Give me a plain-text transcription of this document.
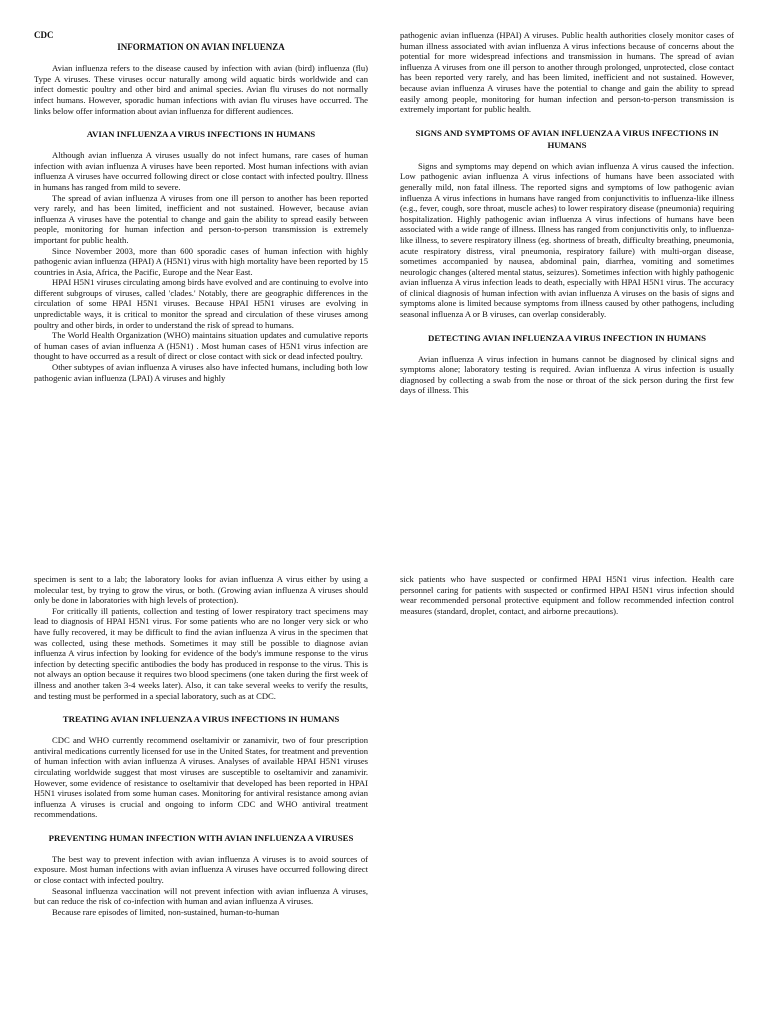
CDC
INFORMATION ON AVIAN INFLUENZA

Avian influenza refers to the disease caused by infection with avian (bird) influenza (flu) Type A viruses. These viruses occur naturally among wild aquatic birds worldwide and can infect domestic poultry and other bird and animal species. Avian flu viruses do not normally infect humans. However, sporadic human infections with avian flu viruses have occurred. The links below offer information about avian influenza for different audiences.

AVIAN INFLUENZA A VIRUS INFECTIONS IN HUMANS

Although avian influenza A viruses usually do not infect humans, rare cases of human infection with avian influenza A viruses have been reported. Most human infections with avian influenza A viruses have occurred following direct or close contact with infected poultry. Illness in humans has ranged from mild to severe.

The spread of avian influenza A viruses from one ill person to another has been reported very rarely, and has been limited, inefficient and not sustained. However, because avian influenza A viruses have the potential to change and gain the ability to spread easily between people, monitoring for human infection and person-to-person transmission is extremely important for public health.

Since November 2003, more than 600 sporadic cases of human infection with highly pathogenic avian influenza (HPAI) A (H5N1) virus with high mortality have been reported by 15 countries in Asia, Africa, the Pacific, Europe and the Near East.

HPAI H5N1 viruses circulating among birds have evolved and are continuing to evolve into different subgroups of viruses, called 'clades.' Notably, there are geographic differences in the circulation of some HPAI H5N1 viruses. Because HPAI H5N1 viruses are evolving in unpredictable ways, it is critical to monitor the spread and circulation of these viruses among poultry and other birds, in order to understand the risk of spread to humans.

The World Health Organization (WHO) maintains situation updates and cumulative reports of human cases of avian influenza A (H5N1) . Most human cases of H5N1 virus infection are thought to have occurred as a result of direct or close contact with sick or dead infected poultry.

Other subtypes of avian influenza A viruses also have infected humans, including both low pathogenic avian influenza (LPAI) A viruses and highly

pathogenic avian influenza (HPAI) A viruses. Public health authorities closely monitor cases of human illness associated with avian influenza A virus infections because of concerns about the potential for more widespread infections and transmission in humans. The spread of avian influenza A viruses from one ill person to another through prolonged, unprotected, close contact has been reported very rarely, and has been limited, inefficient and not sustained. However, because avian influenza A viruses have the potential to change and gain the ability to spread easily among people, monitoring for human infection and person-to-person transmission is extremely important for public health.

SIGNS AND SYMPTOMS OF AVIAN INFLUENZA A VIRUS INFECTIONS IN HUMANS

Signs and symptoms may depend on which avian influenza A virus caused the infection. Low pathogenic avian influenza A virus infections of humans have been associated with generally mild, non fatal illness. The reported signs and symptoms of low pathogenic avian influenza A virus infections in humans have ranged from conjunctivitis to influenza-like illness (e.g., fever, cough, sore throat, muscle aches) to lower respiratory disease (pneumonia) requiring hospitalization. Highly pathogenic avian influenza A virus infections of humans have been associated with a wide range of illness. Illness has ranged from conjunctivitis only, to influenza-like illness, to severe respiratory illness (eg. shortness of breath, difficulty breathing, pneumonia, acute respiratory distress, viral pneumonia, respiratory failure) with multi-organ disease, sometimes accompanied by nausea, abdominal pain, diarrhea, vomiting and sometimes neurologic changes (altered mental status, seizures). Sometimes infection with highly pathogenic avian influenza A virus infection leads to death, especially with HPAI H5N1 virus. The accuracy of clinical diagnosis of human infection with avian influenza A viruses on the basis of signs and symptoms alone is limited because symptoms from illness caused by other pathogens, including seasonal influenza A or B viruses, can overlap considerably.

DETECTING AVIAN INFLUENZA A VIRUS INFECTION IN HUMANS

Avian influenza A virus infection in humans cannot be diagnosed by clinical signs and symptoms alone; laboratory testing is required. Avian influenza A virus infection is usually diagnosed by collecting a swab from the nose or throat of the sick person during the first few days of illness. This

specimen is sent to a lab; the laboratory looks for avian influenza A virus either by using a molecular test, by trying to grow the virus, or both. (Growing avian influenza A viruses should only be done in laboratories with high levels of protection).

For critically ill patients, collection and testing of lower respiratory tract specimens may lead to diagnosis of HPAI H5N1 virus. For some patients who are no longer very sick or who have fully recovered, it may be difficult to find the avian influenza A virus in the specimen that was collected, using these methods. Sometimes it may still be possible to diagnose avian influenza A virus infection by looking for evidence of the body's immune response to the virus infection by detecting specific antibodies the body has produced in response to the virus. This is not always an option because it requires two blood specimens (one taken during the first week of illness and another taken 3-4 weeks later). Also, it can take several weeks to verify the results, and testing must be performed in a special laboratory, such as at CDC.

TREATING AVIAN INFLUENZA A VIRUS INFECTIONS IN HUMANS

CDC and WHO currently recommend oseltamivir or zanamivir, two of four prescription antiviral medications currently licensed for use in the United States, for treatment and prevention of human infection with avian influenza A viruses. Analyses of available HPAI H5N1 viruses circulating worldwide suggest that most viruses are susceptible to oseltamivir and zanamivir. However, some evidence of resistance to oseltamivir that developed has been reported in HPAI H5N1 viruses isolated from some human cases. Monitoring for antiviral resistance among avian influenza A viruses is crucial and ongoing to inform CDC and WHO antiviral treatment recommendations.

PREVENTING HUMAN INFECTION WITH AVIAN INFLUENZA A VIRUSES

The best way to prevent infection with avian influenza A viruses is to avoid sources of exposure. Most human infections with avian influenza A viruses have occurred following direct or close contact with infected poultry.

Seasonal influenza vaccination will not prevent infection with avian influenza A viruses, but can reduce the risk of co-infection with human and avian influenza A viruses.

Because rare episodes of limited, non-sustained, human-to-human

sick patients who have suspected or confirmed HPAI H5N1 virus infection. Health care personnel caring for patients with suspected or confirmed HPAI H5N1 virus infection should wear recommended personal protective equipment and follow recommended infection control measures (standard, droplet, contact, and airborne precautions).
